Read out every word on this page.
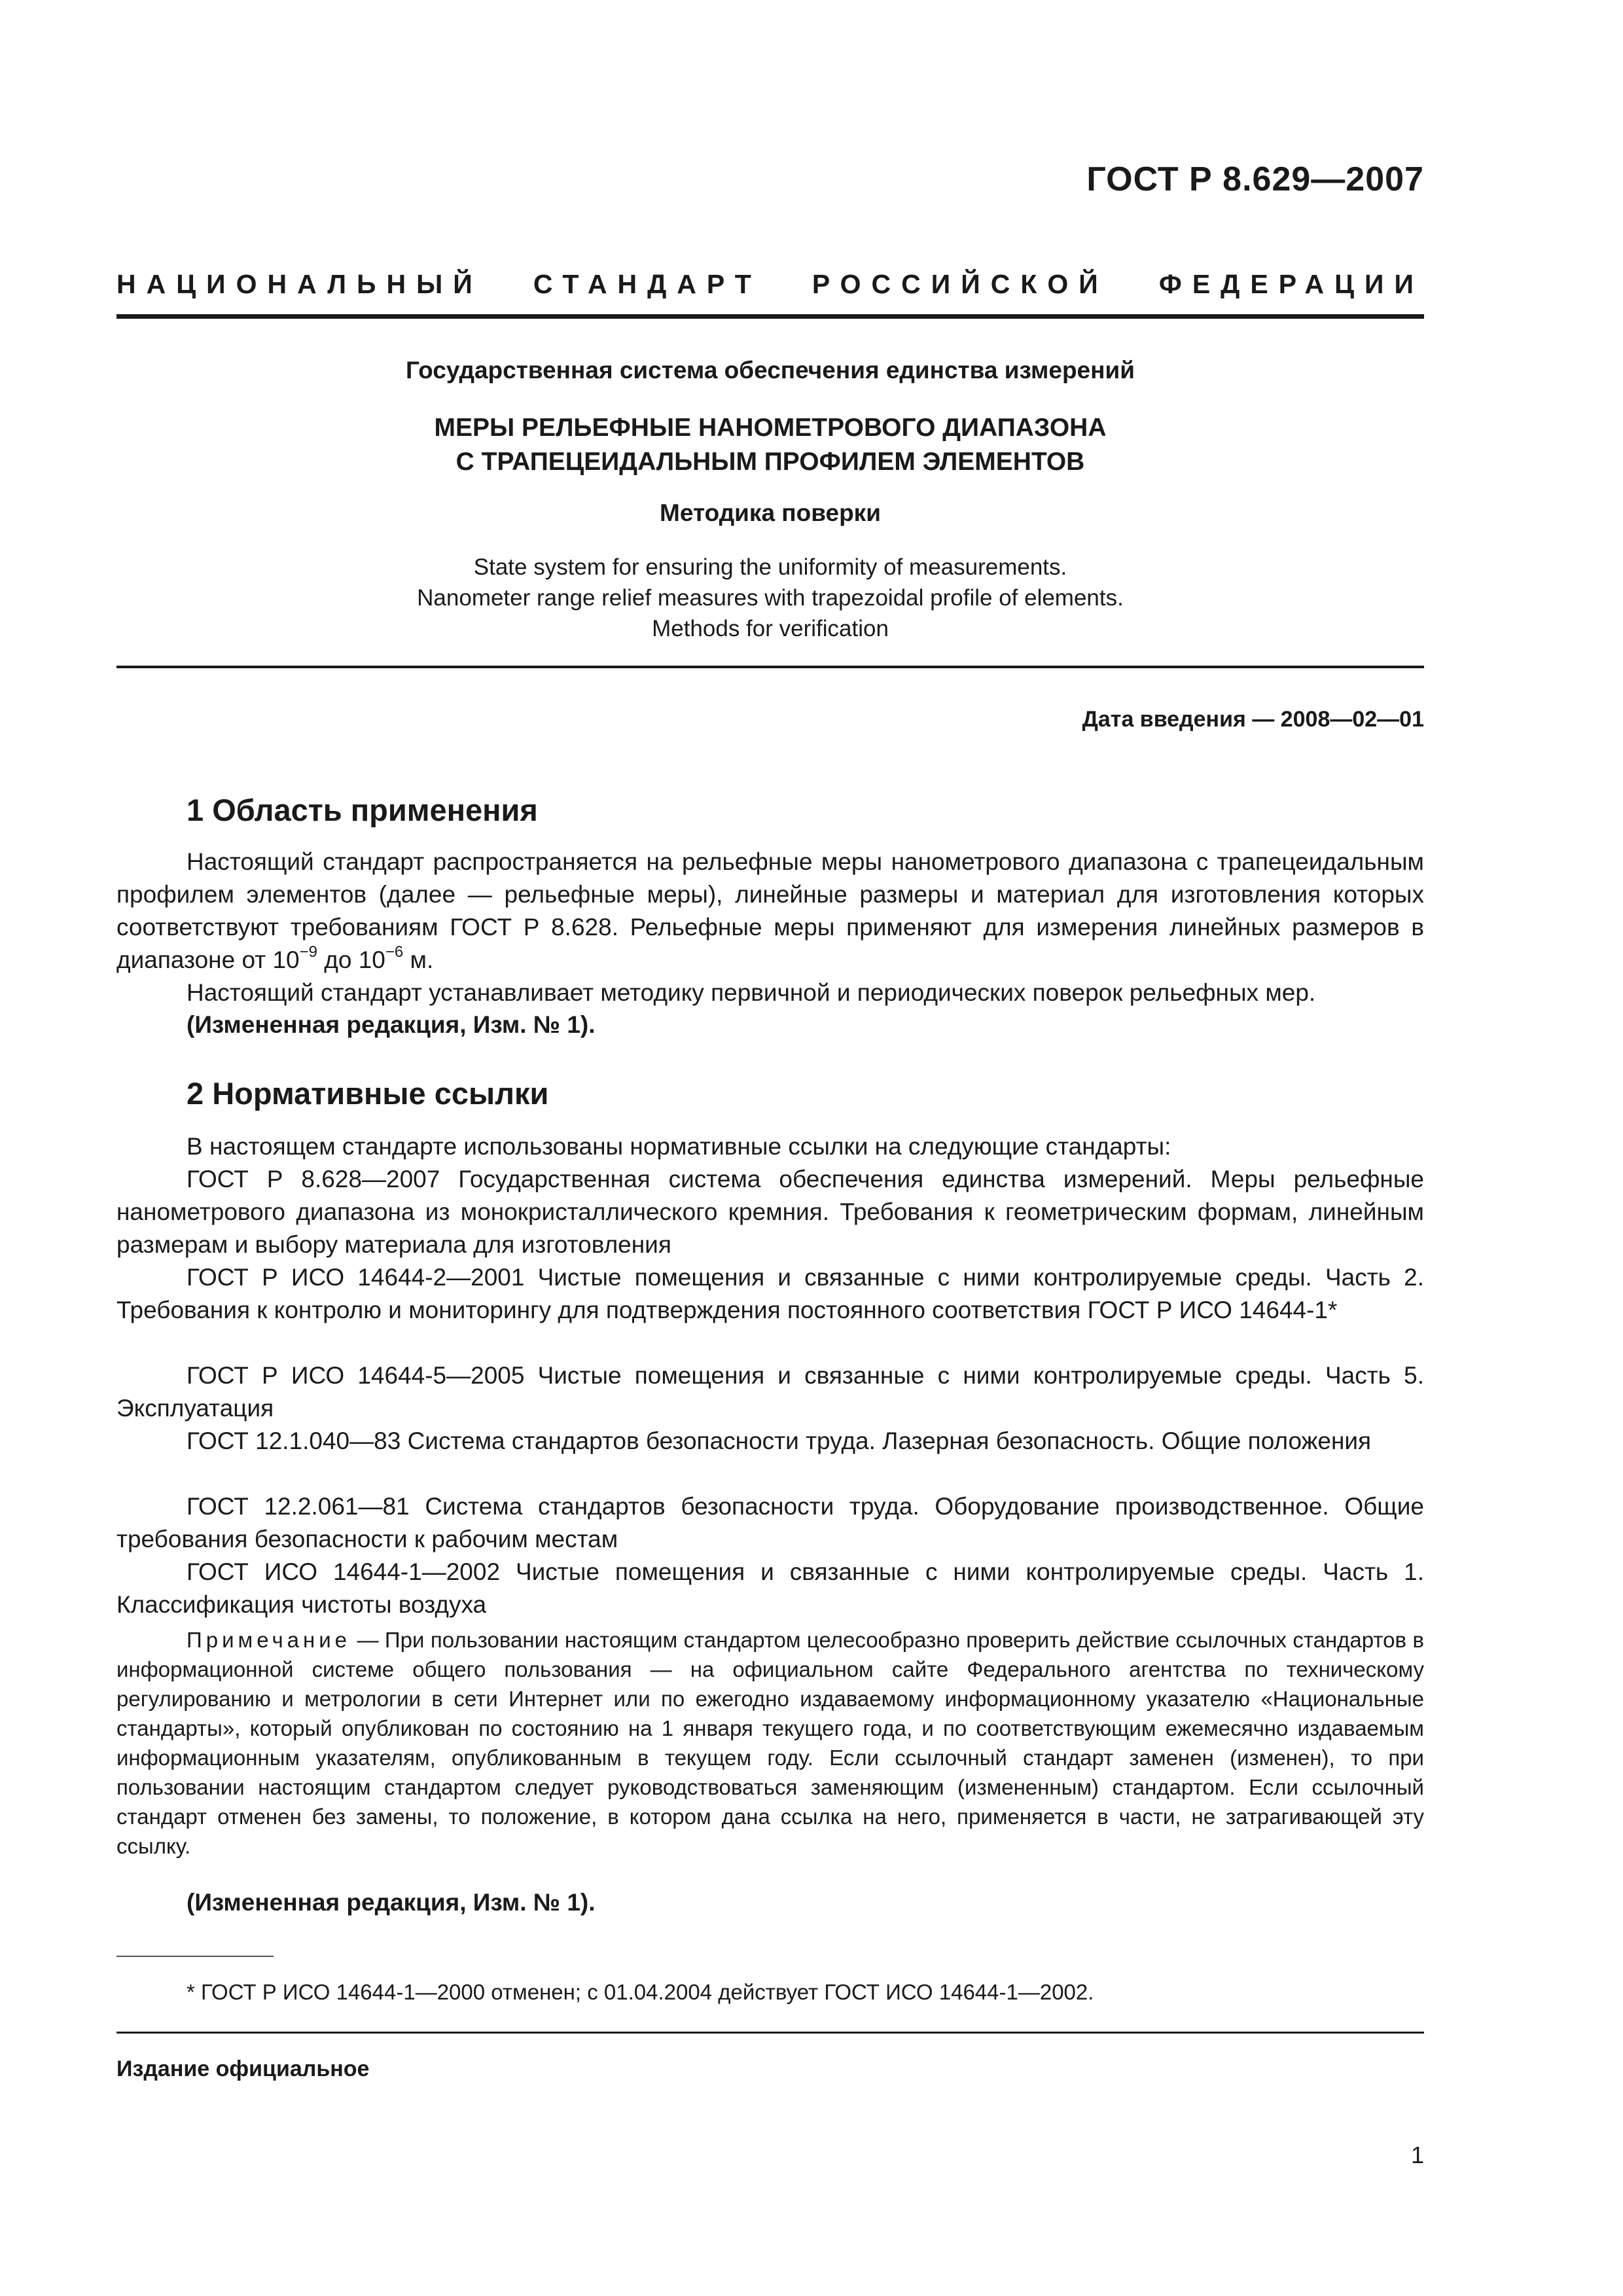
ГОСТ Р 8.629—2007
НАЦИОНАЛЬНЫЙ СТАНДАРТ РОССИЙСКОЙ ФЕДЕРАЦИИ
Государственная система обеспечения единства измерений
МЕРЫ РЕЛЬЕФНЫЕ НАНОМЕТРОВОГО ДИАПАЗОНА
С ТРАПЕЦЕИДАЛЬНЫМ ПРОФИЛЕМ ЭЛЕМЕНТОВ
Методика поверки
State system for ensuring the uniformity of measurements.
Nanometer range relief measures with trapezoidal profile of elements.
Methods for verification
Дата введения — 2008—02—01
1 Область применения

Настоящий стандарт распространяется на рельефные меры нанометрового диапазона с трапецеидальным профилем элементов (далее — рельефные меры), линейные размеры и материал для изготовления которых соответствуют требованиям ГОСТ Р 8.628. Рельефные меры применяют для измерения линейных размеров в диапазоне от $10^{-9}$ до $10^{-6}$ м.

Настоящий стандарт устанавливает методику первичной и периодических поверок рельефных мер.

(Измененная редакция, Изм. № 1).
2 Нормативные ссылки

В настоящем стандарте использованы нормативные ссылки на следующие стандарты:

ГОСТ Р 8.628—2007 Государственная система обеспечения единства измерений. Меры рельефные нанометрового диапазона из монокристаллического кремния. Требования к геометрическим формам, линейным размерам и выбору материала для изготовления

ГОСТ Р ИСО 14644-2—2001 Чистые помещения и связанные с ними контролируемые среды. Часть 2. Требования к контролю и мониторингу для подтверждения постоянного соответствия ГОСТ Р ИСО 14644-1*

ГОСТ Р ИСО 14644-5—2005 Чистые помещения и связанные с ними контролируемые среды. Часть 5. Эксплуатация

ГОСТ 12.1.040—83 Система стандартов безопасности труда. Лазерная безопасность. Общие положения

ГОСТ 12.2.061—81 Система стандартов безопасности труда. Оборудование производственное. Общие требования безопасности к рабочим местам

ГОСТ ИСО 14644-1—2002 Чистые помещения и связанные с ними контролируемые среды. Часть 1. Классификация чистоты воздуха

Примечание — При пользовании настоящим стандартом целесообразно проверить действие ссылочных стандартов в информационной системе общего пользования — на официальном сайте Федерального агентства по техническому регулированию и метрологии в сети Интернет или по ежегодно издаваемому информационному указателю «Национальные стандарты», который опубликован по состоянию на 1 января текущего года, и по соответствующим ежемесячно издаваемым информационным указателям, опубликованным в текущем году. Если ссылочный стандарт заменен (изменен), то при пользовании настоящим стандартом следует руководствоваться заменяющим (измененным) стандартом. Если ссылочный стандарт отменен без замены, то положение, в котором дана ссылка на него, применяется в части, не затрагивающей эту ссылку.

(Измененная редакция, Изм. № 1).
* ГОСТ Р ИСО 14644-1—2000 отменен; с 01.04.2004 действует ГОСТ ИСО 14644-1—2002.
Издание официальное
1
